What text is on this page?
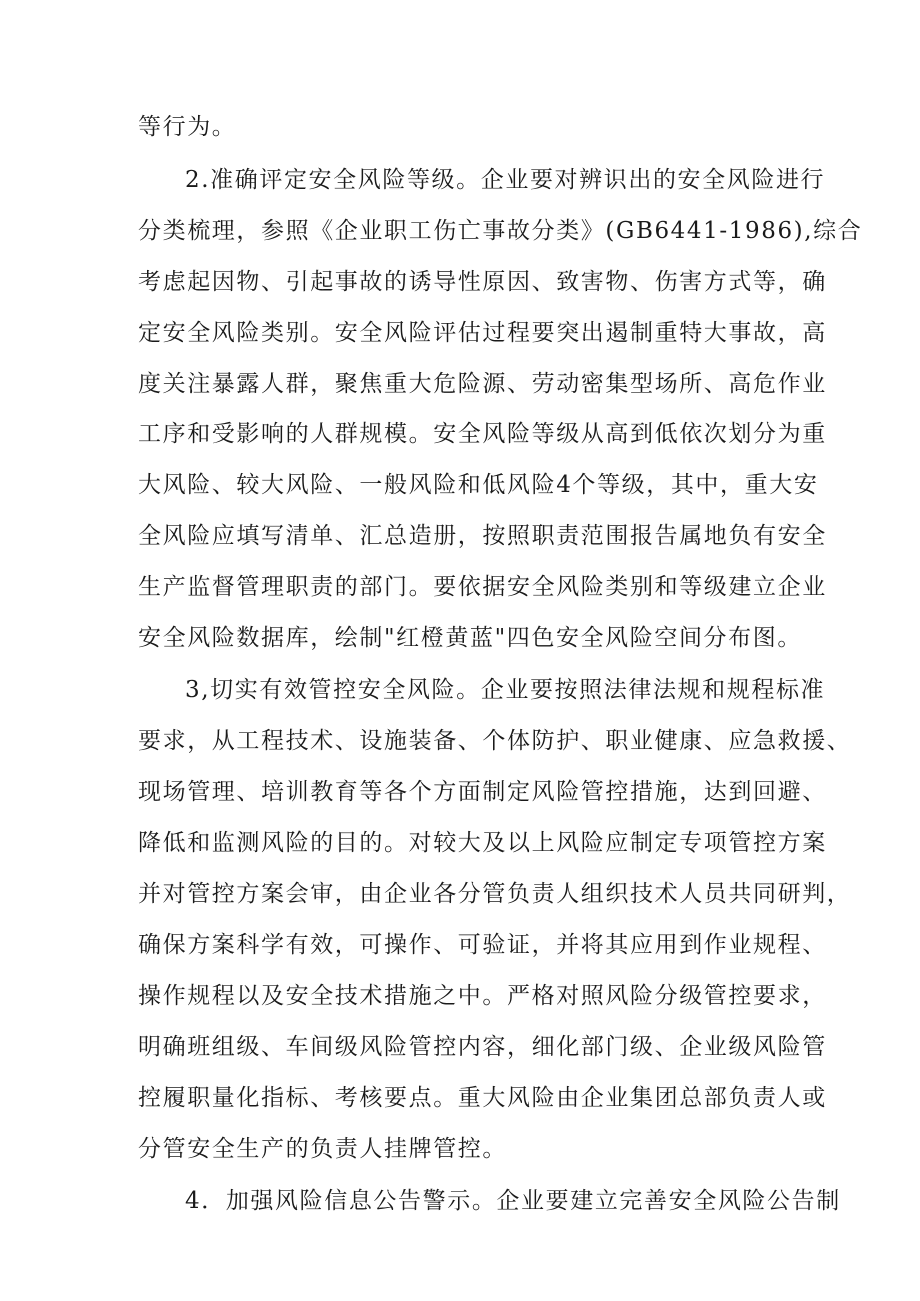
等行为。
2.准确评定安全风险等级。企业要对辨识出的安全风险进行
分类梳理，参照《企业职工伤亡事故分类》(GB6441-1986),综合
考虑起因物、引起事故的诱导性原因、致害物、伤害方式等，确
定安全风险类别。安全风险评估过程要突出遏制重特大事故，高
度关注暴露人群，聚焦重大危险源、劳动密集型场所、高危作业
工序和受影响的人群规模。安全风险等级从高到低依次划分为重
大风险、较大风险、一般风险和低风险4个等级，其中，重大安
全风险应填写清单、汇总造册，按照职责范围报告属地负有安全
生产监督管理职责的部门。要依据安全风险类别和等级建立企业
安全风险数据库，绘制"红橙黄蓝"四色安全风险空间分布图。
3,切实有效管控安全风险。企业要按照法律法规和规程标准
要求，从工程技术、设施装备、个体防护、职业健康、应急救援、
现场管理、培训教育等各个方面制定风险管控措施，达到回避、
降低和监测风险的目的。对较大及以上风险应制定专项管控方案
并对管控方案会审，由企业各分管负责人组织技术人员共同研判，
确保方案科学有效，可操作、可验证，并将其应用到作业规程、
操作规程以及安全技术措施之中。严格对照风险分级管控要求，
明确班组级、车间级风险管控内容，细化部门级、企业级风险管
控履职量化指标、考核要点。重大风险由企业集团总部负责人或
分管安全生产的负责人挂牌管控。
4．加强风险信息公告警示。企业要建立完善安全风险公告制
